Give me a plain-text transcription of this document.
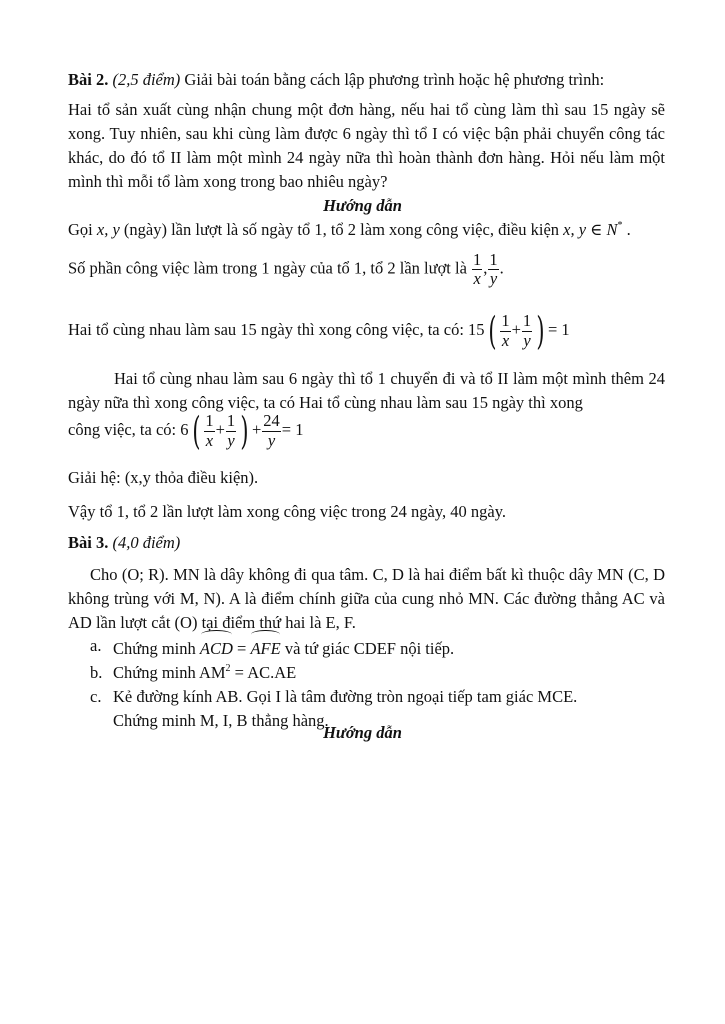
Bài 2. (2,5 điểm) Giải bài toán bằng cách lập phương trình hoặc hệ phương trình:

Hai tổ sản xuất cùng nhận chung một đơn hàng, nếu hai tổ cùng làm thì sau 15 ngày sẽ xong. Tuy nhiên, sau khi cùng làm được 6 ngày thì tổ I có việc bận phải chuyển công tác khác, do đó tổ II làm một mình 24 ngày nữa thì hoàn thành đơn hàng. Hỏi nếu làm một mình thì mỗi tổ làm xong trong bao nhiêu ngày?

Hướng dẫn

Gọi x, y (ngày) lần lượt là số ngày tổ 1, tổ 2 làm xong công việc, điều kiện x, y ∈ N* .

Số phần công việc làm trong 1 ngày của tổ 1, tổ 2 lần lượt là $\frac{1}{x}$ , $\frac{1}{y}$ .

Hai tổ cùng nhau làm sau 15 ngày thì xong công việc, ta có: $15( \frac{1}{x} + \frac{1}{y}$ ) = 1

Hai tổ cùng nhau làm sau 6 ngày thì tổ 1 chuyển đi và tổ II làm một mình thêm 24 ngày nữa thì xong công việc, ta có Hai tổ cùng nhau làm sau 15 ngày thì xong

công việc, ta có: $6( \frac{1}{x} + \frac{1}{y}$ ) + $\frac{24}{y} = 1$

Giải hệ: (x,y thỏa điều kiện).

Vậy tổ 1, tổ 2 lần lượt làm xong công việc trong 24 ngày, 40 ngày.

Bài 3. (4,0 điểm)

Cho (O; R). MN là dây không đi qua tâm. C, D là hai điểm bất kì thuộc dây MN (C, D không trùng với M, N). A là điểm chính giữa của cung nhỏ MN. Các đường thẳng AC và AD lần lượt cắt (O) tại điểm thứ hai là E, F.

a. Chứng minh ACD = AFE và tứ giác CDEF nội tiếp.
b. Chứng minh $AM^2 = AC.AE$
c. Kẻ đường kính AB. Gọi I là tâm đường tròn ngoại tiếp tam giác MCE.
Chứng minh M, I, B thẳng hàng.

Hướng dẫn
